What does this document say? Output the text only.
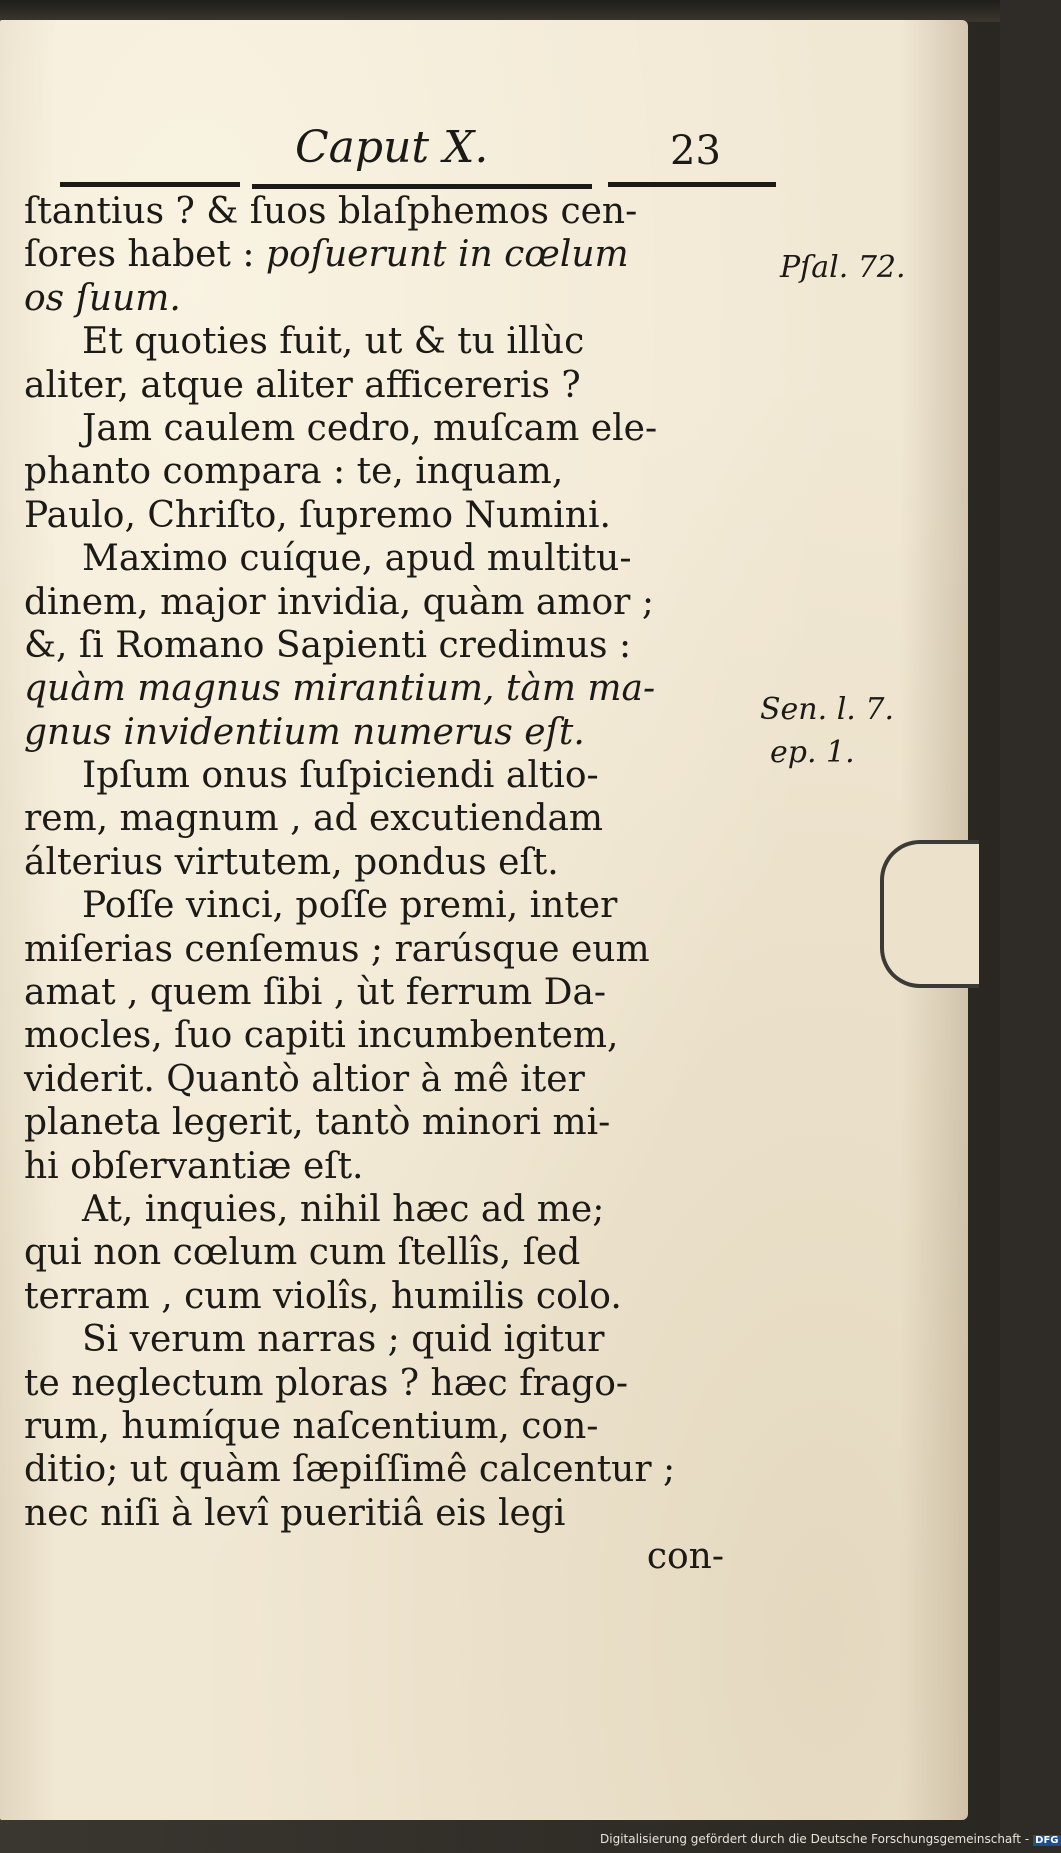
Caput X.	23
ſtantius ? & ſuos blaſphemos cen-
ſores habet : poſuerunt in cœlum
os ſuum.
Et quoties fuit, ut & tu illùc
aliter, atque aliter afficereris ?
Jam caulem cedro, muſcam ele-
phanto compara : te, inquam,
Paulo, Chriſto, ſupremo Numini.
Maximo cuíque, apud multitu-
dinem, major invidia, quàm amor ;
&, ſi Romano Sapienti credimus :
quàm magnus mirantium, tàm ma-
gnus invidentium numerus eſt.
Ipſum onus ſuſpiciendi altio-
rem, magnum , ad excutiendam
álterius virtutem, pondus eſt.
Poſſe vinci, poſſe premi, inter
miſerias cenſemus ; rarúsque eum
amat , quem ſibi , ùt ferrum Da-
mocles, ſuo capiti incumbentem,
viderit. Quantò altior à mê iter
planeta legerit, tantò minori mi-
hi obſervantiæ eſt.
At, inquies, nihil hæc ad me;
qui non cœlum cum ſtellîs, ſed
terram , cum violîs, humilis colo.
Si verum narras ; quid igitur
te neglectum ploras ? hæc frago-
rum, humíque naſcentium, con-
ditio; ut quàm ſæpiſſimê calcentur ;
nec niſi à levî pueritiâ eis legi
con-
Pſal. 72.
Sen. l. 7.
ep. 1.
Digitalisierung gefördert durch die Deutsche Forschungsgemeinschaft - DFG
